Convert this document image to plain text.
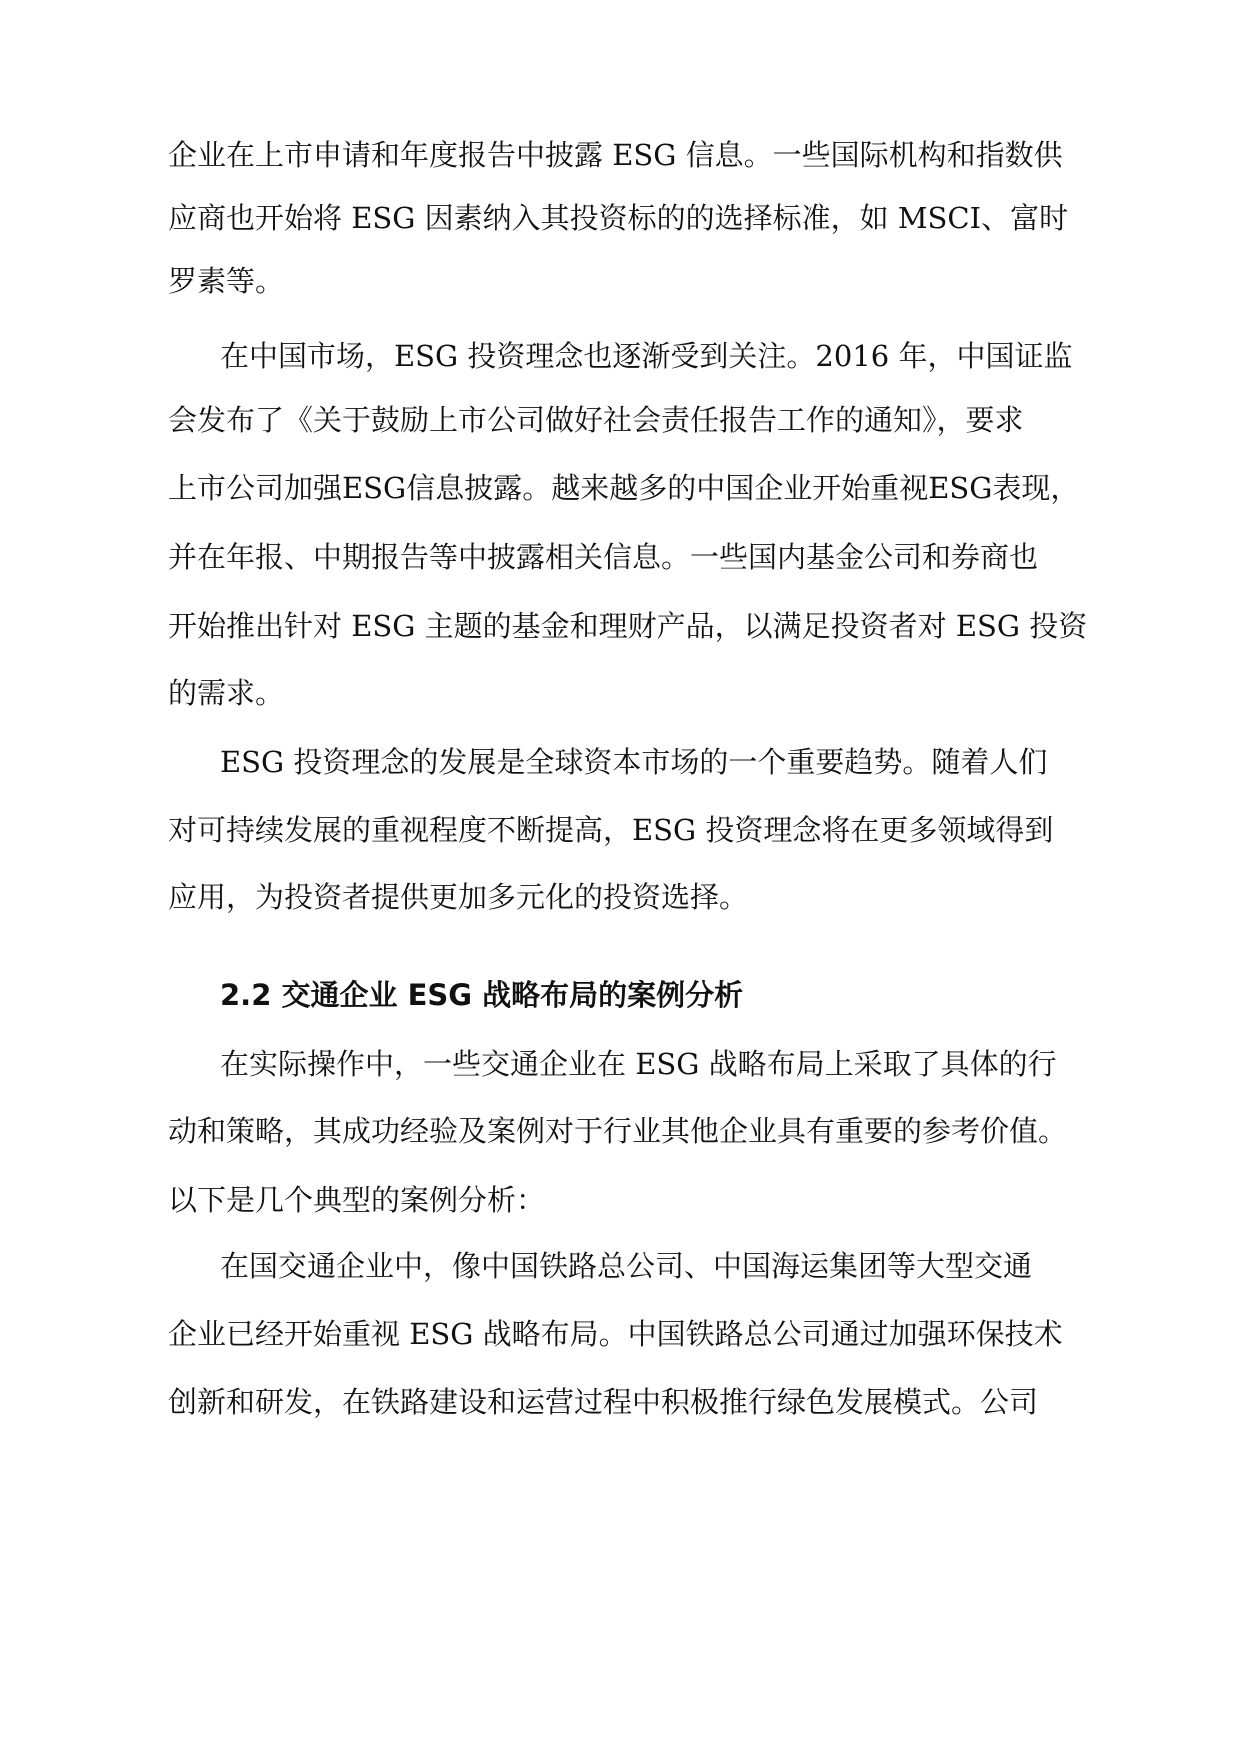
企业在上市申请和年度报告中披露 ESG 信息。一些国际机构和指数供
应商也开始将 ESG 因素纳入其投资标的的选择标准，如 MSCI、富时
罗素等。
在中国市场，ESG 投资理念也逐渐受到关注。2016 年，中国证监
会发布了《关于鼓励上市公司做好社会责任报告工作的通知》，要求
上市公司加强ESG信息披露。越来越多的中国企业开始重视ESG表现，
并在年报、中期报告等中披露相关信息。一些国内基金公司和券商也
开始推出针对 ESG 主题的基金和理财产品，以满足投资者对 ESG 投资
的需求。
ESG 投资理念的发展是全球资本市场的一个重要趋势。随着人们
对可持续发展的重视程度不断提高，ESG 投资理念将在更多领域得到
应用，为投资者提供更加多元化的投资选择。
2.2 交通企业 ESG 战略布局的案例分析
在实际操作中，一些交通企业在 ESG 战略布局上采取了具体的行
动和策略，其成功经验及案例对于行业其他企业具有重要的参考价值。
以下是几个典型的案例分析：
在国交通企业中，像中国铁路总公司、中国海运集团等大型交通
企业已经开始重视 ESG 战略布局。中国铁路总公司通过加强环保技术
创新和研发，在铁路建设和运营过程中积极推行绿色发展模式。公司
